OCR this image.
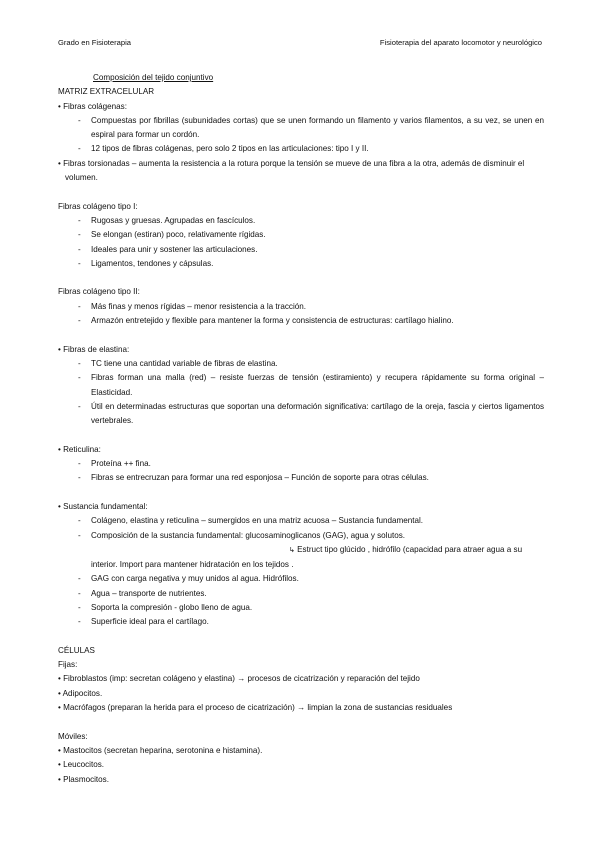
Grado en Fisioterapia	Fisioterapia del aparato locomotor y neurológico

Composición del tejido conjuntivo

MATRIZ EXTRACELULAR

• Fibras colágenas:

-	Compuestas por fibrillas (subunidades cortas) que se unen formando un filamento y varios filamentos, a su vez, se unen en espiral para formar un cordón.
-	12 tipos de fibras colágenas, pero solo 2 tipos en las articulaciones: tipo I y II.

• Fibras torsionadas – aumenta la resistencia a la rotura porque la tensión se mueve de una fibra a la otra, además de disminuir el volumen.

Fibras colágeno tipo I:

-	Rugosas y gruesas. Agrupadas en fascículos.
-	Se elongan (estiran) poco, relativamente rígidas.
-	Ideales para unir y sostener las articulaciones.
-	Ligamentos, tendones y cápsulas.

Fibras colágeno tipo II:

-	Más finas y menos rígidas – menor resistencia a la tracción.
-	Armazón entretejido y flexible para mantener la forma y consistencia de estructuras: cartílago hialino.

• Fibras de elastina:

-	TC tiene una cantidad variable de fibras de elastina.
-	Fibras forman una malla (red) – resiste fuerzas de tensión (estiramiento) y recupera rápidamente su forma original – Elasticidad.
-	Útil en determinadas estructuras que soportan una deformación significativa: cartílago de la oreja, fascia y ciertos ligamentos vertebrales.

• Reticulina:

-	Proteína ++ fina.
-	Fibras se entrecruzan para formar una red esponjosa – Función de soporte para otras células.

• Sustancia fundamental:

-	Colágeno, elastina y reticulina – sumergidos en una matriz acuosa – Sustancia fundamental.
-	Composición de la sustancia fundamental: glucosaminoglicanos (GAG), agua y solutos.
↳ Estruct tipo glúcido , hidrófilo (capacidad para atraer agua a su
interior. Import para mantener hidratación en los tejidos .
-	GAG con carga negativa y muy unidos al agua. Hidrófilos.
-	Agua – transporte de nutrientes.
-	Soporta la compresión - globo lleno de agua.
-	Superficie ideal para el cartílago.

CÉLULAS

Fijas:

• Fibroblastos (imp: secretan colágeno y elastina) → procesos de cicatrización y reparación del tejido

• Adipocitos.

• Macrófagos (preparan la herida para el proceso de cicatrización) → limpian la zona de sustancias residuales

Móviles:

• Mastocitos (secretan heparina, serotonina e histamina).

• Leucocitos.

• Plasmocitos.
